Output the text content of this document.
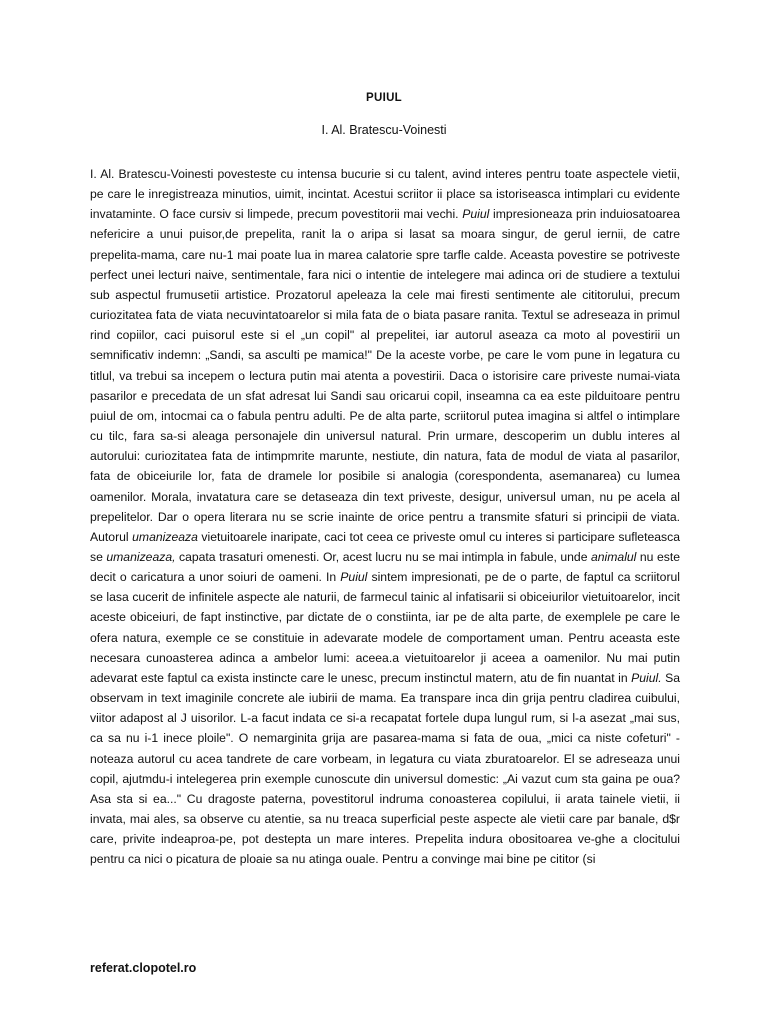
PUIUL
I. Al. Bratescu-Voinesti

I. Al. Bratescu-Voinesti povesteste cu intensa bucurie si cu talent, avind interes pentru toate aspectele vietii, pe care le inregistreaza minutios, uimit, incintat. Acestui scriitor ii place sa istoriseasca intimplari cu evidente invataminte. O face cursiv si limpede, precum povestitorii mai vechi. Puiul impresioneaza prin induiosatoarea nefericire a unui puisor,de prepelita, ranit la o aripa si lasat sa moara singur, de gerul iernii, de catre prepelita-mama, care nu-1 mai poate lua in marea calatorie spre tarfle calde. Aceasta povestire se potriveste perfect unei lecturi naive, sentimentale, fara nici o intentie de intelegere mai adinca ori de studiere a textului sub aspectul frumusetii artistice. Prozatorul apeleaza la cele mai firesti sentimente ale cititorului, precum curiozitatea fata de viata necuvintatoarelor si mila fata de o biata pasare ranita. Textul se adreseaza in primul rind copiilor, caci puisorul este si el „un copil" al prepelitei, iar autorul aseaza ca moto al povestirii un semnificativ indemn: „Sandi, sa asculti pe mamica!" De la aceste vorbe, pe care le vom pune in legatura cu titlul, va trebui sa incepem o lectura putin mai atenta a povestirii. Daca o istorisire care priveste numai-viata pasarilor e precedata de un sfat adresat lui Sandi sau oricarui copil, inseamna ca ea este pilduitoare pentru puiul de om, intocmai ca o fabula pentru adulti. Pe de alta parte, scriitorul putea imagina si altfel o intimplare cu tilc, fara sa-si aleaga personajele din universul natural. Prin urmare, descoperim un dublu interes al autorului: curiozitatea fata de intimpmrite marunte, nestiute, din natura, fata de modul de viata al pasarilor, fata de obiceiurile lor, fata de dramele lor posibile si analogia (corespondenta, asemanarea) cu lumea oamenilor. Morala, invatatura care se detaseaza din text priveste, desigur, universul uman, nu pe acela al prepelitelor. Dar o opera literara nu se scrie inainte de orice pentru a transmite sfaturi si principii de viata. Autorul umanizeaza vietuitoarele inaripate, caci tot ceea ce priveste omul cu interes si participare sufleteasca se umanizeaza, capata trasaturi omenesti. Or, acest lucru nu se mai intimpla in fabule, unde animalul nu este decit o caricatura a unor soiuri de oameni. In Puiul sintem impresionati, pe de o parte, de faptul ca scriitorul se lasa cucerit de infinitele aspecte ale naturii, de farmecul tainic al infatisarii si obiceiurilor vietuitoarelor, incit aceste obiceiuri, de fapt instinctive, par dictate de o constiinta, iar pe de alta parte, de exemplele pe care le ofera natura, exemple ce se constituie in adevarate modele de comportament uman. Pentru aceasta este necesara cunoasterea adinca a ambelor lumi: aceea.a vietuitoarelor ji aceea a oamenilor. Nu mai putin adevarat este faptul ca exista instincte care le unesc, precum instinctul matern, atu de fin nuantat in Puiul. Sa observam in text imaginile concrete ale iubirii de mama. Ea transpare inca din grija pentru cladirea cuibului, viitor adapost al J uisorilor. L-a facut indata ce si-a recapatat fortele dupa lungul rum, si l-a asezat „mai sus, ca sa nu i-1 inece ploile". O nemarginita grija are pasarea-mama si fata de oua, „mici ca niste cofeturi" - noteaza autorul cu acea tandrete de care vorbeam, in legatura cu viata zburatoarelor. El se adreseaza unui copil, ajutmdu-i intelegerea prin exemple cunoscute din universul domestic: „Ai vazut cum sta gaina pe oua? Asa sta si ea..." Cu dragoste paterna, povestitorul indruma conoasterea copilului, ii arata tainele vietii, ii invata, mai ales, sa observe cu atentie, sa nu treaca superficial peste aspecte ale vietii care par banale, d$r care, privite indeaproa-pe, pot destepta un mare interes. Prepelita indura obositoarea ve-ghe a clocitului pentru ca nici o picatura de ploaie sa nu atinga ouale. Pentru a convinge mai bine pe cititor (si

referat.clopotel.ro
